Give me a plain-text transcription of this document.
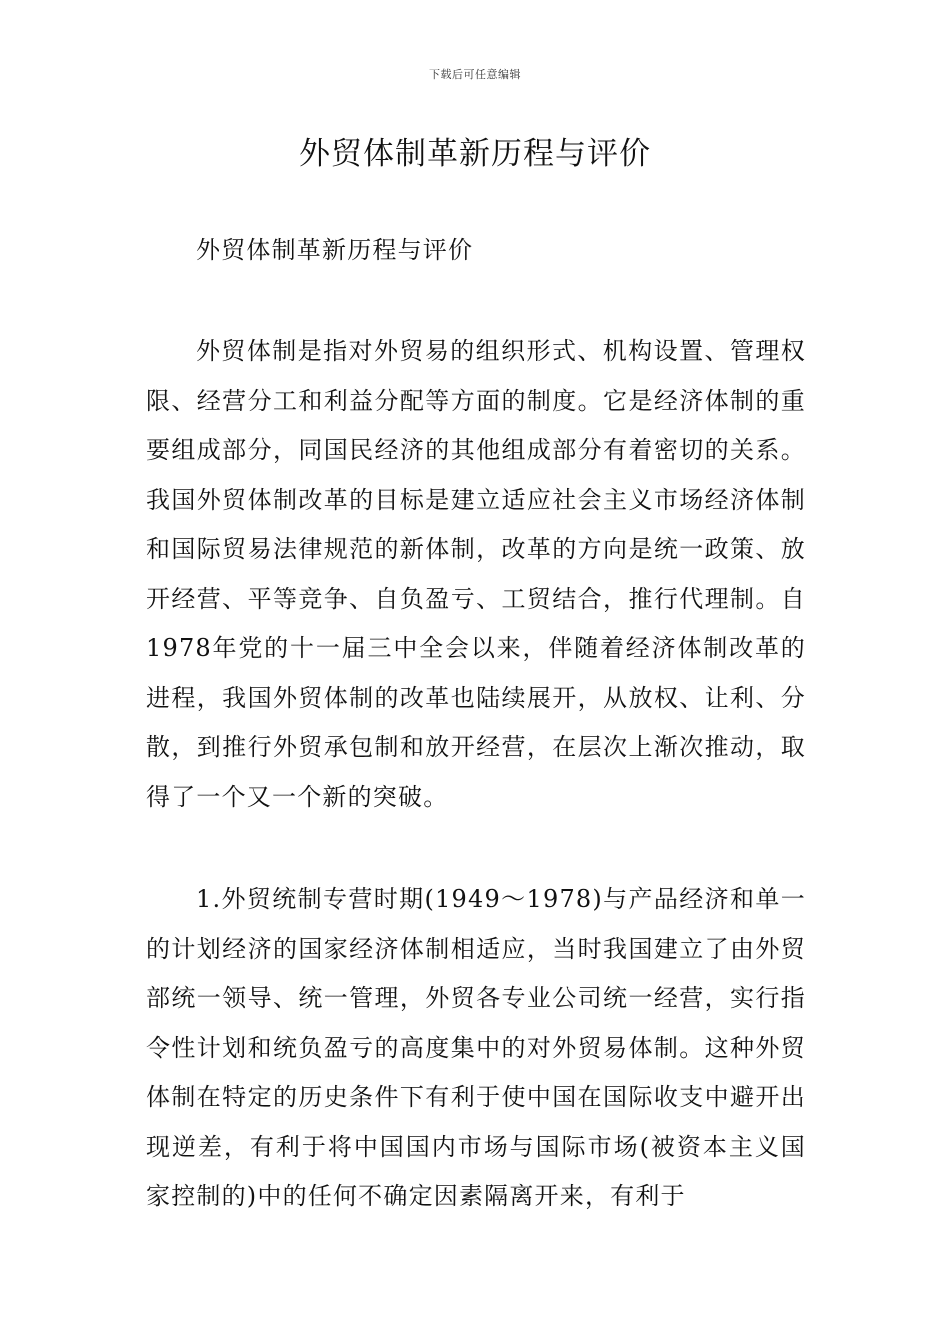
下载后可任意编辑
外贸体制革新历程与评价

外贸体制革新历程与评价

外贸体制是指对外贸易的组织形式、机构设置、管理权限、经营分工和利益分配等方面的制度。它是经济体制的重要组成部分，同国民经济的其他组成部分有着密切的关系。我国外贸体制改革的目标是建立适应社会主义市场经济体制和国际贸易法律规范的新体制，改革的方向是统一政策、放开经营、平等竞争、自负盈亏、工贸结合，推行代理制。自1978年党的十一届三中全会以来，伴随着经济体制改革的进程，我国外贸体制的改革也陆续展开，从放权、让利、分散，到推行外贸承包制和放开经营，在层次上渐次推动，取得了一个又一个新的突破。

1.外贸统制专营时期(1949～1978)与产品经济和单一的计划经济的国家经济体制相适应，当时我国建立了由外贸部统一领导、统一管理，外贸各专业公司统一经营，实行指令性计划和统负盈亏的高度集中的对外贸易体制。这种外贸体制在特定的历史条件下有利于使中国在国际收支中避开出现逆差，有利于将中国国内市场与国际市场(被资本主义国家控制的)中的任何不确定因素隔离开来，有利于
